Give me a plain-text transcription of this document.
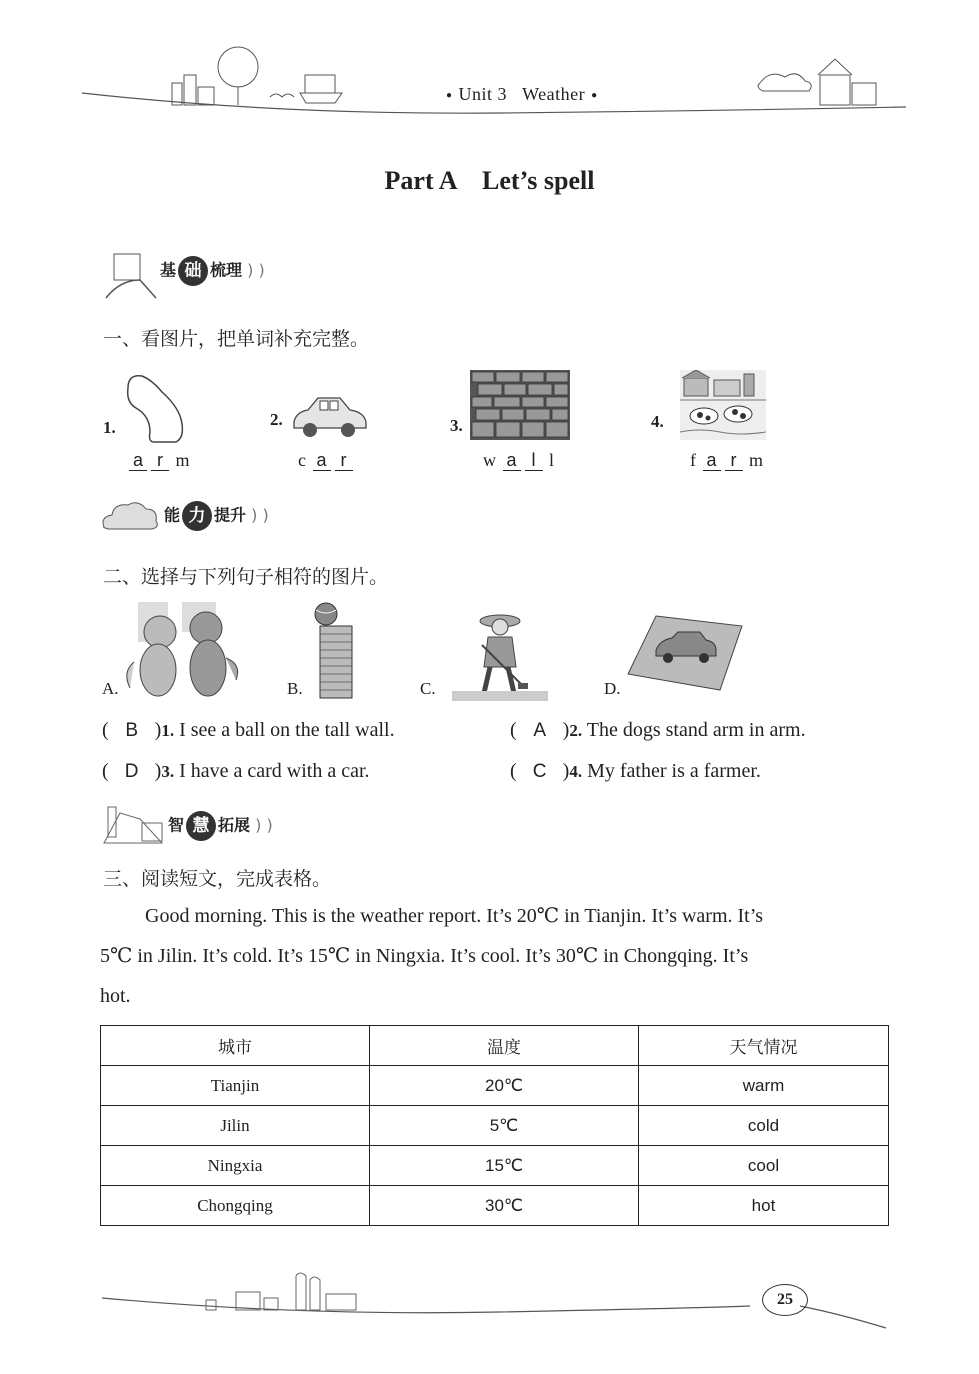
● Unit 3 Weather ●
Part A    Let’s spell
基 础 梳理 ) )
一、看图片，把单词补充完整。
1.
a r m
2.
c a r
3.
w a l l
4.
f a r m
能 力 提升 ) )
二、选择与下列句子相符的图片。
A.	B.	C.	D.
( B )1. I see a ball on the tall wall.	( A )2. The dogs stand arm in arm.
( D )3. I have a card with a car.	( C )4. My father is a farmer.
智 慧 拓展 ) )
三、阅读短文，完成表格。
Good morning. This is the weather report. It’s 20℃ in Tianjin. It’s warm. It’s
5℃ in Jilin. It’s cold. It’s 15℃ in Ningxia. It’s cool. It’s 30℃ in Chongqing. It’s
hot.
城市	温度	天气情况
Tianjin	20℃	warm
Jilin	5℃	cold
Ningxia	15℃	cool
Chongqing	30℃	hot
25
